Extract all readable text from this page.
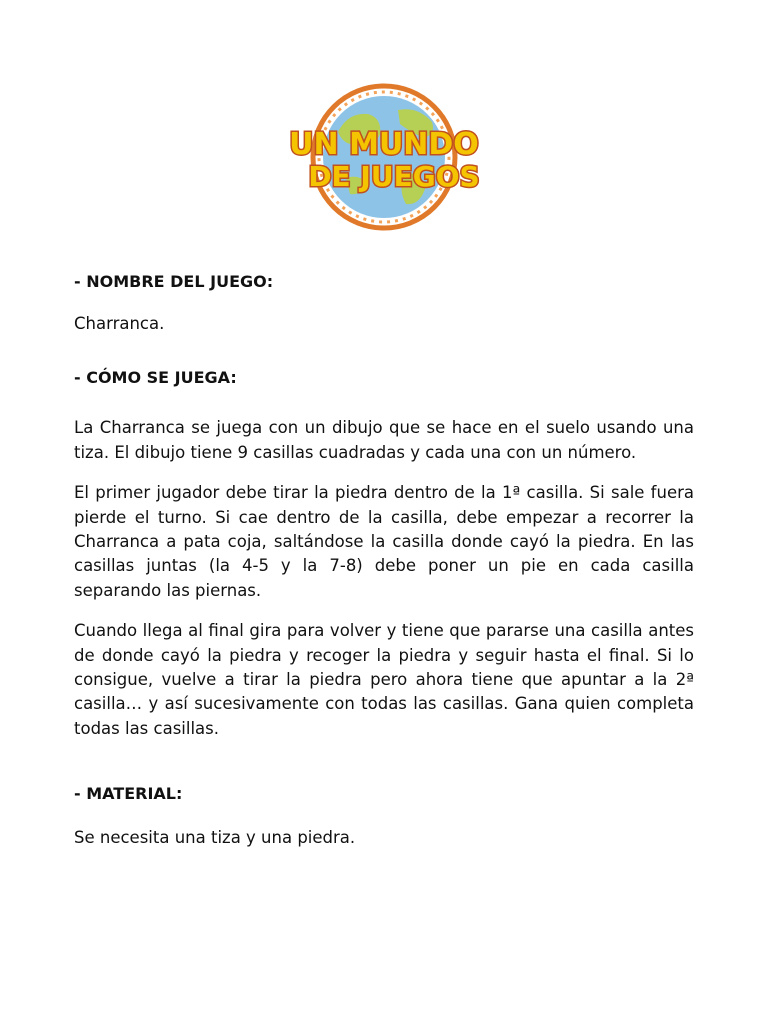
UN MUNDO
DE JUEGOS

- NOMBRE DEL JUEGO:

Charranca.

- CÓMO SE JUEGA:

La Charranca se juega con un dibujo que se hace en el suelo usando una tiza. El dibujo tiene 9 casillas cuadradas y cada una con un número.

El primer jugador debe tirar la piedra dentro de la 1ª casilla. Si sale fuera pierde el turno. Si cae dentro de la casilla, debe empezar a recorrer la Charranca a pata coja, saltándose la casilla donde cayó la piedra. En las casillas juntas (la 4-5 y la 7-8) debe poner un pie en cada casilla separando las piernas.

Cuando llega al final gira para volver y tiene que pararse una casilla antes de donde cayó la piedra y recoger la piedra y seguir hasta el final. Si lo consigue, vuelve a tirar la piedra pero ahora tiene que apuntar a la 2ª casilla… y así sucesivamente con todas las casillas. Gana quien completa todas las casillas.

- MATERIAL:

Se necesita una tiza y una piedra.
